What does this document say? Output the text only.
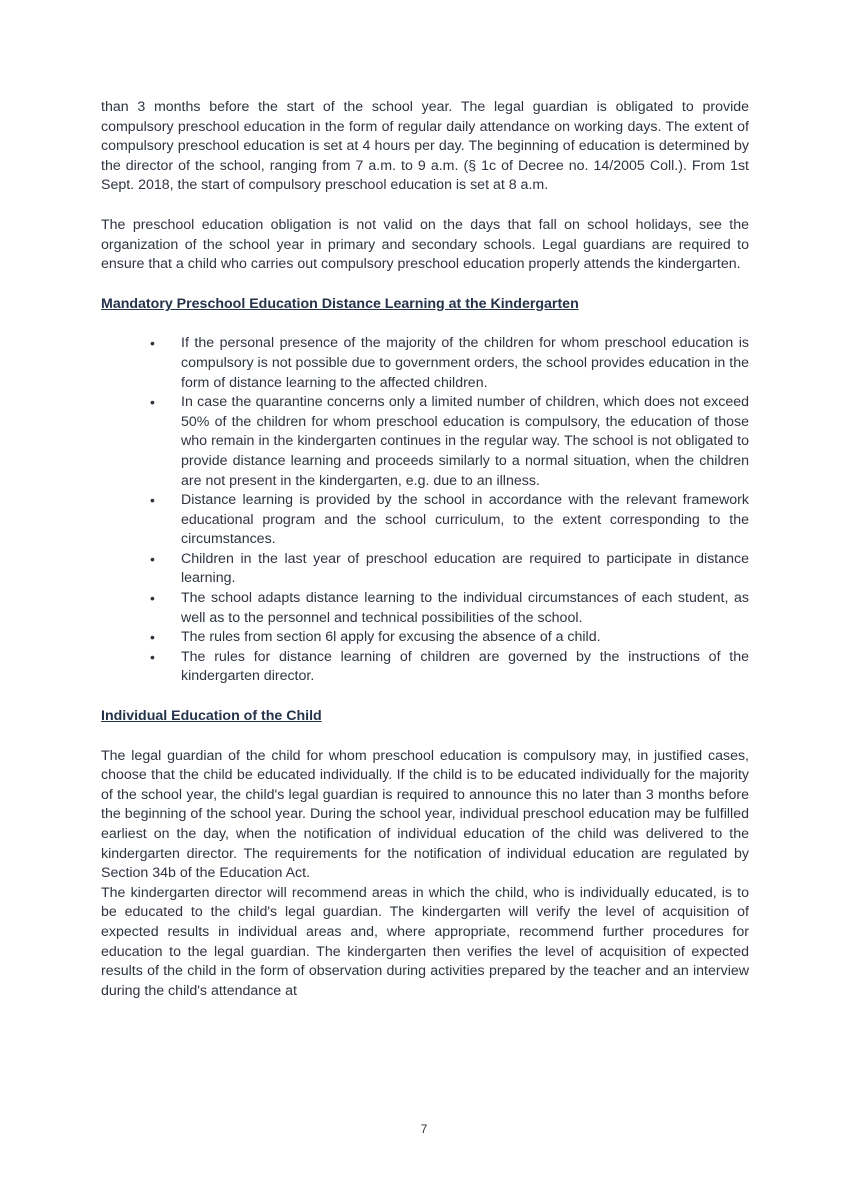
than 3 months before the start of the school year. The legal guardian is obligated to provide compulsory preschool education in the form of regular daily attendance on working days. The extent of compulsory preschool education is set at 4 hours per day. The beginning of education is determined by the director of the school, ranging from 7 a.m. to 9 a.m. (§ 1c of Decree no. 14/2005 Coll.). From 1st Sept. 2018, the start of compulsory preschool education is set at 8 a.m.

The preschool education obligation is not valid on the days that fall on school holidays, see the organization of the school year in primary and secondary schools. Legal guardians are required to ensure that a child who carries out compulsory preschool education properly attends the kindergarten.

Mandatory Preschool Education Distance Learning at the Kindergarten
• If the personal presence of the majority of the children for whom preschool education is compulsory is not possible due to government orders, the school provides education in the form of distance learning to the affected children.
• In case the quarantine concerns only a limited number of children, which does not exceed 50% of the children for whom preschool education is compulsory, the education of those who remain in the kindergarten continues in the regular way. The school is not obligated to provide distance learning and proceeds similarly to a normal situation, when the children are not present in the kindergarten, e.g. due to an illness.
• Distance learning is provided by the school in accordance with the relevant framework educational program and the school curriculum, to the extent corresponding to the circumstances.
• Children in the last year of preschool education are required to participate in distance learning.
• The school adapts distance learning to the individual circumstances of each student, as well as to the personnel and technical possibilities of the school.
• The rules from section 6l apply for excusing the absence of a child.
• The rules for distance learning of children are governed by the instructions of the kindergarten director.
Individual Education of the Child

The legal guardian of the child for whom preschool education is compulsory may, in justified cases, choose that the child be educated individually. If the child is to be educated individually for the majority of the school year, the child's legal guardian is required to announce this no later than 3 months before the beginning of the school year. During the school year, individual preschool education may be fulfilled earliest on the day, when the notification of individual education of the child was delivered to the kindergarten director. The requirements for the notification of individual education are regulated by Section 34b of the Education Act.

The kindergarten director will recommend areas in which the child, who is individually educated, is to be educated to the child's legal guardian. The kindergarten will verify the level of acquisition of expected results in individual areas and, where appropriate, recommend further procedures for education to the legal guardian. The kindergarten then verifies the level of acquisition of expected results of the child in the form of observation during activities prepared by the teacher and an interview during the child's attendance at

7
